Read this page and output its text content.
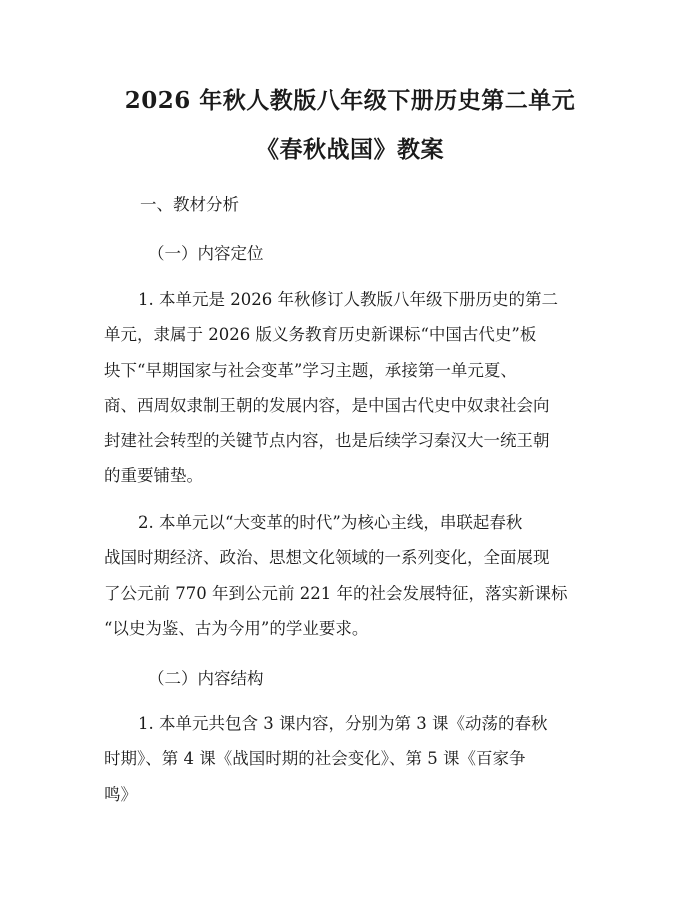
2026 年秋人教版八年级下册历史第二单元
《春秋战国》教案
一、教材分析
（一）内容定位
1. 本单元是 2026 年秋修订人教版八年级下册历史的第二
单元，隶属于 2026 版义务教育历史新课标“中国古代史”板
块下“早期国家与社会变革”学习主题，承接第一单元夏、
商、西周奴隶制王朝的发展内容，是中国古代史中奴隶社会向
封建社会转型的关键节点内容，也是后续学习秦汉大一统王朝
的重要铺垫。
2. 本单元以“大变革的时代”为核心主线，串联起春秋
战国时期经济、政治、思想文化领域的一系列变化，全面展现
了公元前 770 年到公元前 221 年的社会发展特征，落实新课标
“以史为鉴、古为今用”的学业要求。
（二）内容结构
1. 本单元共包含 3 课内容，分别为第 3 课《动荡的春秋
时期》、第 4 课《战国时期的社会变化》、第 5 课《百家争
鸣》
